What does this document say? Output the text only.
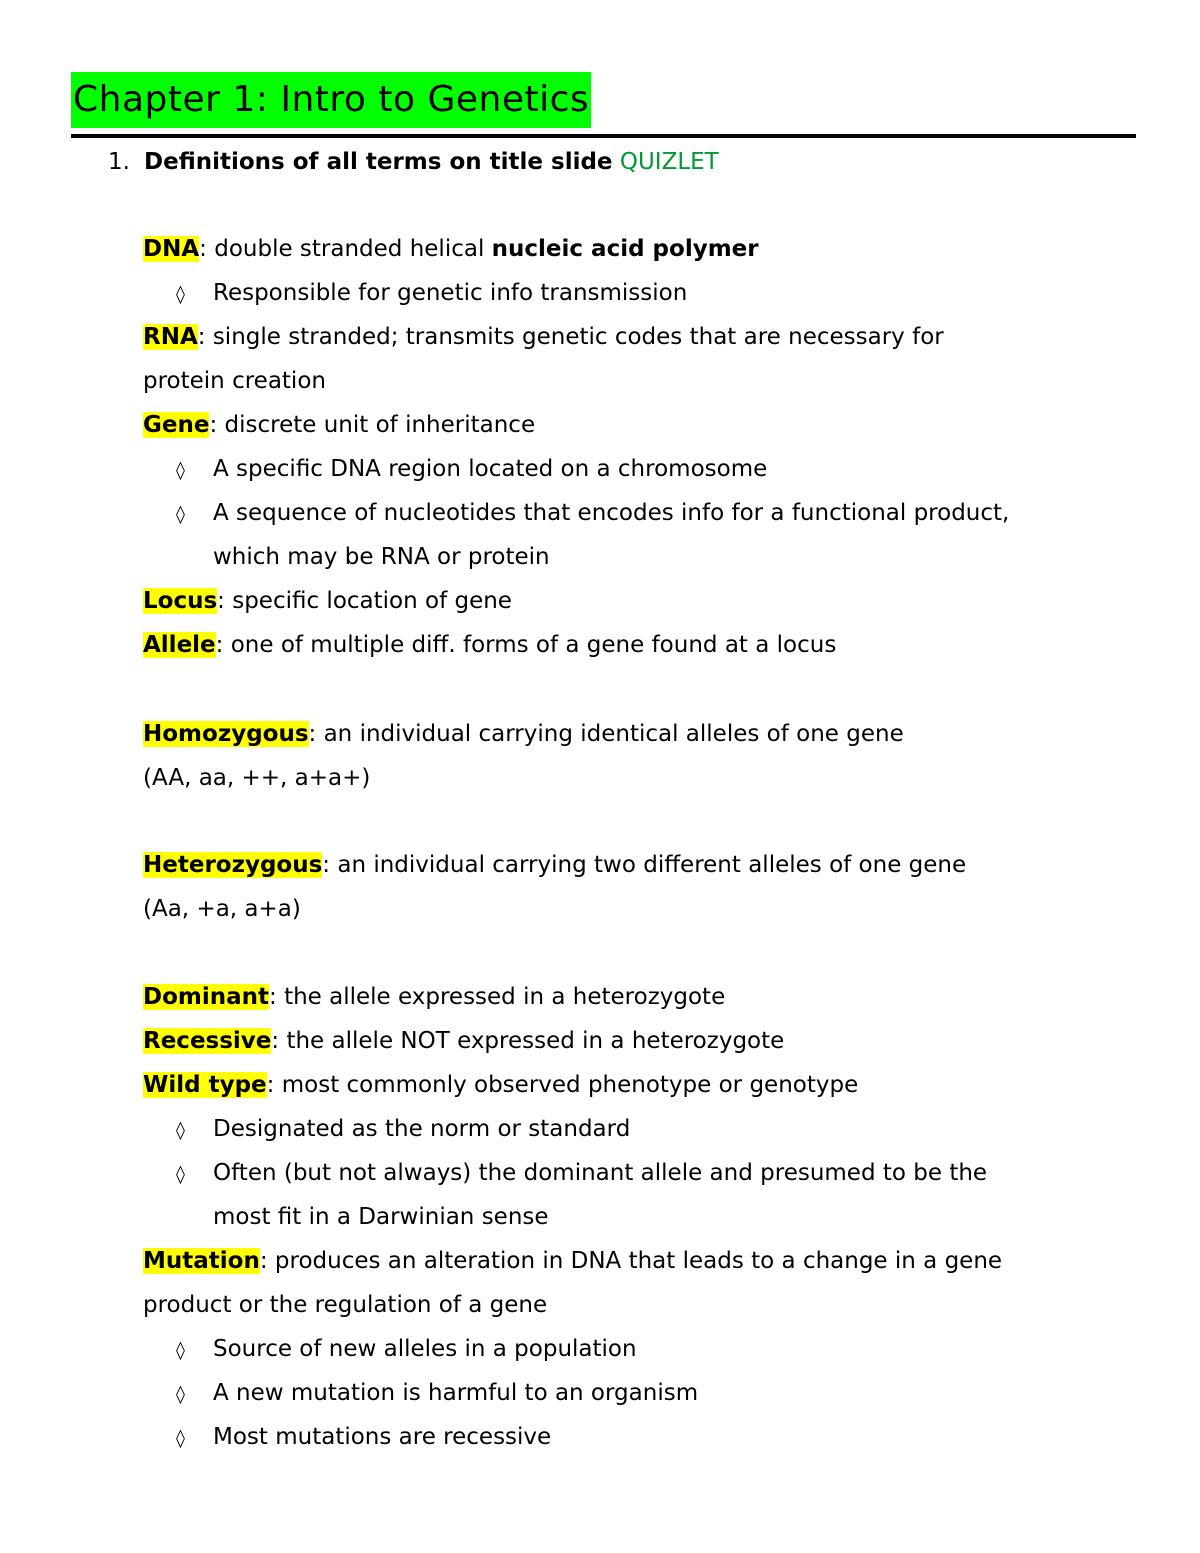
Chapter 1: Intro to Genetics
1. Definitions of all terms on title slide QUIZLET
DNA: double stranded helical nucleic acid polymer
◊ Responsible for genetic info transmission
RNA: single stranded; transmits genetic codes that are necessary for
protein creation
Gene: discrete unit of inheritance
◊ A specific DNA region located on a chromosome
◊ A sequence of nucleotides that encodes info for a functional product,
which may be RNA or protein
Locus: specific location of gene
Allele: one of multiple diff. forms of a gene found at a locus
Homozygous: an individual carrying identical alleles of one gene
(AA, aa, ++, a+a+)
Heterozygous: an individual carrying two different alleles of one gene
(Aa, +a, a+a)
Dominant: the allele expressed in a heterozygote
Recessive: the allele NOT expressed in a heterozygote
Wild type: most commonly observed phenotype or genotype
◊ Designated as the norm or standard
◊ Often (but not always) the dominant allele and presumed to be the
most fit in a Darwinian sense
Mutation: produces an alteration in DNA that leads to a change in a gene
product or the regulation of a gene
◊ Source of new alleles in a population
◊ A new mutation is harmful to an organism
◊ Most mutations are recessive
